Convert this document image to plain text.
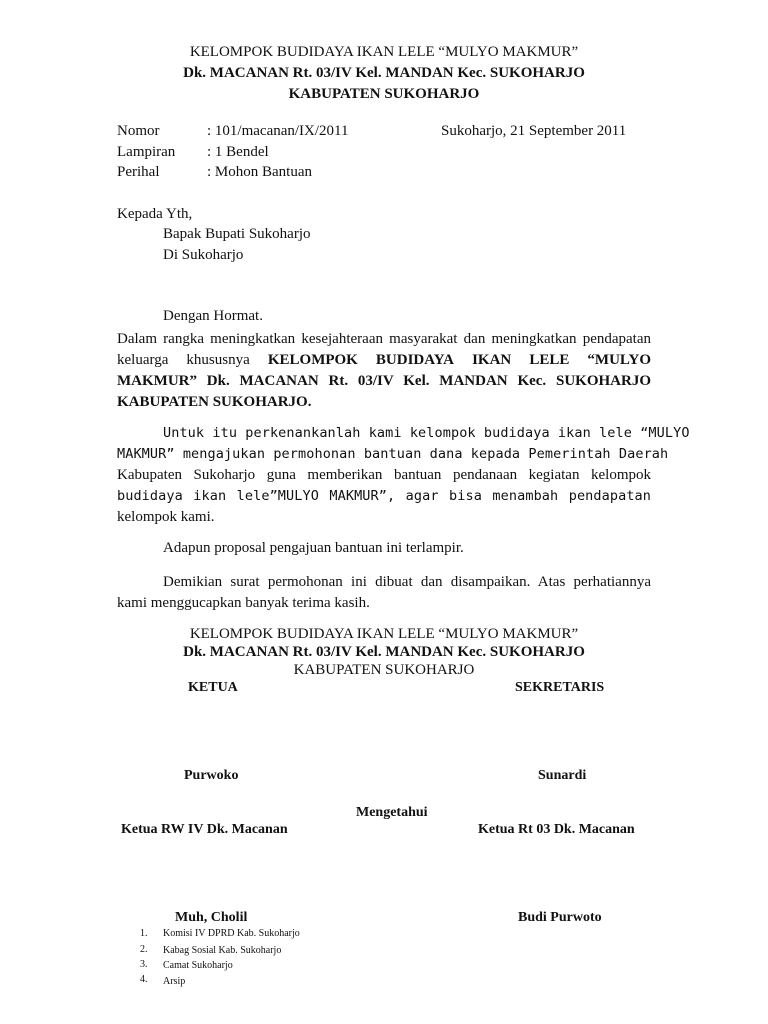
KELOMPOK BUDIDAYA IKAN LELE “MULYO MAKMUR”
Dk. MACANAN Rt. 03/IV Kel. MANDAN Kec. SUKOHARJO
KABUPATEN SUKOHARJO
Nomor	: 101/macanan/IX/2011	Sukoharjo, 21 September 2011
Lampiran : 1 Bendel
Perihal	: Mohon Bantuan
Kepada Yth,
Bapak Bupati Sukoharjo
Di Sukoharjo
Dengan Hormat.
Dalam rangka meningkatkan kesejahteraan masyarakat dan meningkatkan pendapatan
keluarga khususnya KELOMPOK BUDIDAYA IKAN LELE “MULYO
MAKMUR” Dk. MACANAN Rt. 03/IV Kel. MANDAN Kec. SUKOHARJO
KABUPATEN SUKOHARJO.
Untuk itu perkenankanlah kami kelompok budidaya ikan lele “MULYO
MAKMUR” mengajukan permohonan bantuan dana kepada Pemerintah Daerah
Kabupaten Sukoharjo guna memberikan bantuan pendanaan kegiatan kelompok
budidaya ikan lele”MULYO MAKMUR”, agar bisa menambah pendapatan
kelompok kami.
Adapun proposal pengajuan bantuan ini terlampir.
Demikian surat permohonan ini dibuat dan disampaikan. Atas perhatiannya
kami menggucapkan banyak terima kasih.
KELOMPOK BUDIDAYA IKAN LELE “MULYO MAKMUR”
Dk. MACANAN Rt. 03/IV Kel. MANDAN Kec. SUKOHARJO
KABUPATEN SUKOHARJO
KETUA	SEKRETARIS
Purwoko	Sunardi
Mengetahui
Ketua RW IV Dk. Macanan	Ketua Rt 03 Dk. Macanan
Muh, Cholil	Budi Purwoto
1. Komisi IV DPRD Kab. Sukoharjo
2. Kabag Sosial Kab. Sukoharjo
3. Camat Sukoharjo
4. Arsip
